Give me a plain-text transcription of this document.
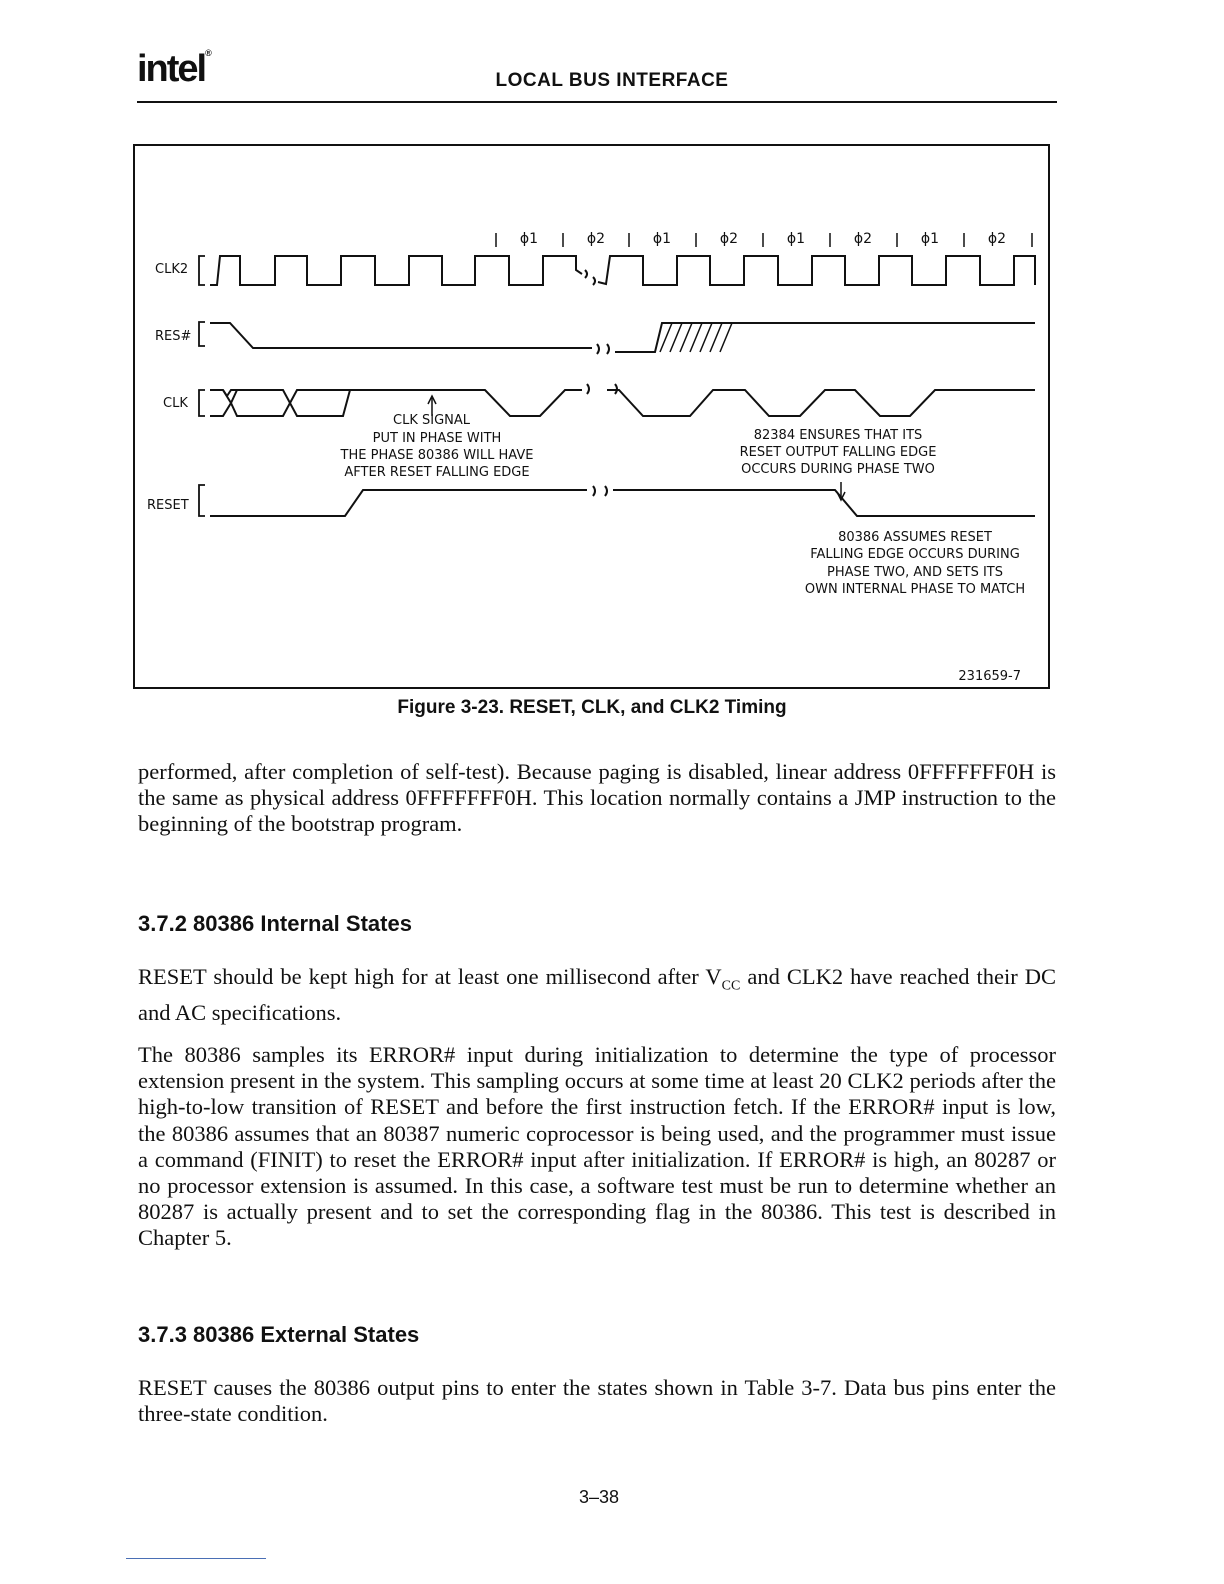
intel®
LOCAL BUS INTERFACE
ϕ1	ϕ2	ϕ1	ϕ2	ϕ1	ϕ2	ϕ1	ϕ2
CLK2
RES#
CLK
RESET
CLK SIGNAL
PUT IN PHASE WITH
THE PHASE 80386 WILL HAVE
AFTER RESET FALLING EDGE
82384 ENSURES THAT ITS
RESET OUTPUT FALLING EDGE
OCCURS DURING PHASE TWO
80386 ASSUMES RESET
FALLING EDGE OCCURS DURING
PHASE TWO, AND SETS ITS
OWN INTERNAL PHASE TO MATCH
231659-7
Figure 3-23. RESET, CLK, and CLK2 Timing
performed, after completion of self-test). Because paging is disabled, linear address 0FFFFFFF0H is the same as physical address 0FFFFFFF0H. This location normally contains a JMP instruction to the beginning of the bootstrap program.
3.7.2 80386 Internal States
RESET should be kept high for at least one millisecond after $V_{CC}$ and CLK2 have reached their DC and AC specifications.
The 80386 samples its ERROR# input during initialization to determine the type of processor extension present in the system. This sampling occurs at some time at least 20 CLK2 periods after the high-to-low transition of RESET and before the first instruction fetch. If the ERROR# input is low, the 80386 assumes that an 80387 numeric coprocessor is being used, and the programmer must issue a command (FINIT) to reset the ERROR# input after initialization. If ERROR# is high, an 80287 or no processor extension is assumed. In this case, a software test must be run to determine whether an 80287 is actually present and to set the corresponding flag in the 80386. This test is described in Chapter 5.
3.7.3 80386 External States
RESET causes the 80386 output pins to enter the states shown in Table 3-7. Data bus pins enter the three-state condition.
3–38
